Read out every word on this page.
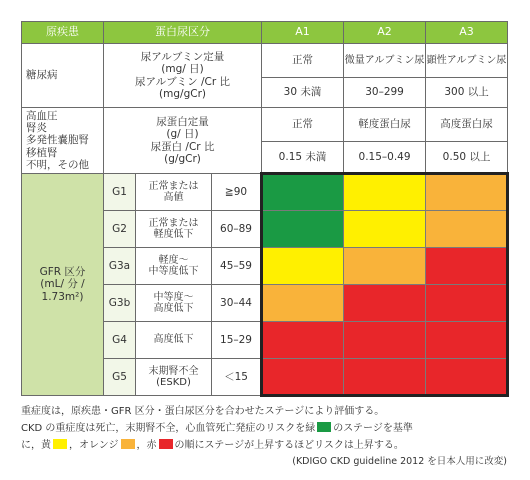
原疾患	蛋白尿区分			A1	A2	A3
糖尿病	尿アルブミン定量
(mg/ 日)
尿アルブミン /Cr 比
(mg/gCr)			正常	微量アルブミン尿	顕性アルブミン尿
				30 未満	30–299	300 以上
高血圧
腎炎
多発性嚢胞腎
移植腎
不明，その他	尿蛋白定量
(g/ 日)
尿蛋白 /Cr 比
(g/gCr)			正常	軽度蛋白尿	高度蛋白尿
				0.15 未満	0.15–0.49	0.50 以上
GFR 区分
(mL/ 分 /
1.73m²)	G1	正常または
高値	≧90			
	G2	正常または
軽度低下	60–89			
	G3a	軽度～
中等度低下	45–59			
	G3b	中等度～
高度低下	30–44			
	G4	高度低下	15–29			
	G5	末期腎不全
(ESKD)	＜15			
重症度は，原疾患・GFR 区分・蛋白尿区分を合わせたステージにより評価する。
CKD の重症度は死亡，末期腎不全，心血管死亡発症のリスクを緑 のステージを基準
に，黄 ，オレンジ ，赤 の順にステージが上昇するほどリスクは上昇する。
(KDIGO CKD guideline 2012 を日本人用に改変)
